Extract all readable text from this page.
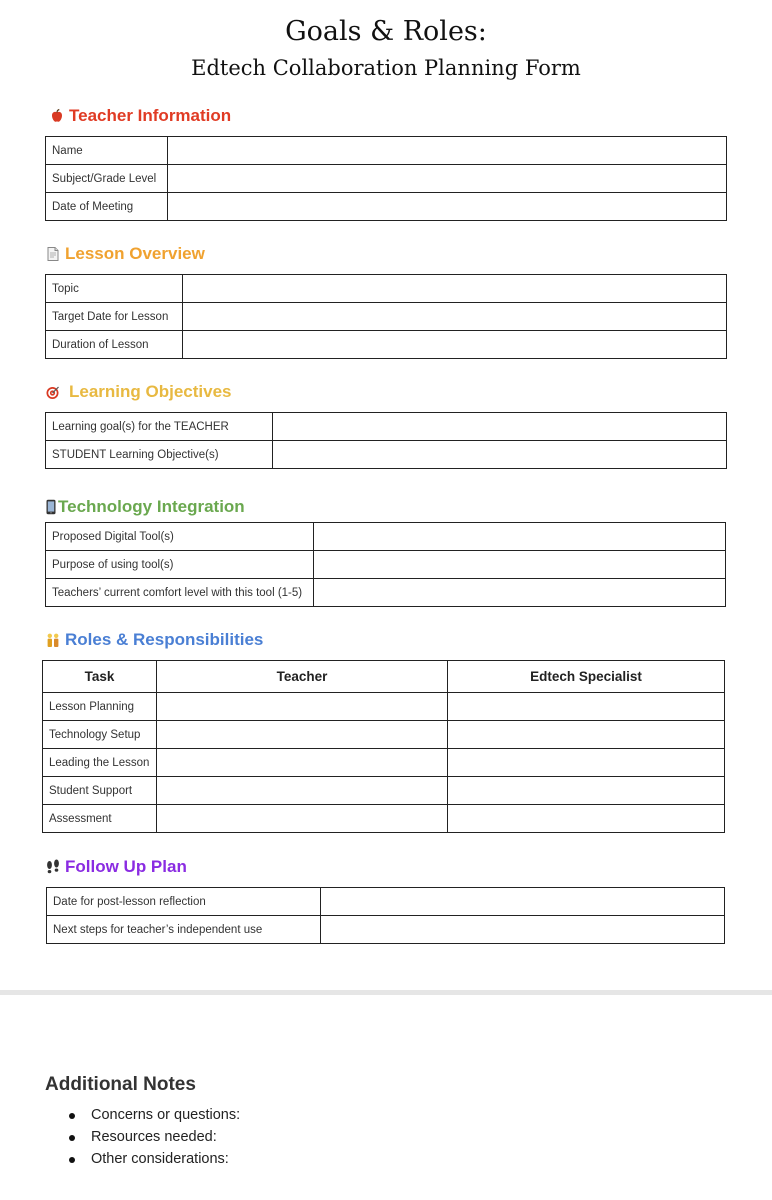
Goals & Roles:
Edtech Collaboration Planning Form
Teacher Information
Name	
Subject/Grade Level	
Date of Meeting	
Lesson Overview
Topic	
Target Date for Lesson	
Duration of Lesson	
Learning Objectives
Learning goal(s) for the TEACHER	
STUDENT Learning Objective(s)	
Technology Integration
Proposed Digital Tool(s)	
Purpose of using tool(s)	
Teachers’ current comfort level with this tool (1-5)	
Roles & Responsibilities
Task	Teacher	Edtech Specialist
Lesson Planning		
Technology Setup		
Leading the Lesson		
Student Support		
Assessment		
Follow Up Plan
Date for post-lesson reflection	
Next steps for teacher’s independent use	
Additional Notes
Concerns or questions:
Resources needed:
Other considerations:
